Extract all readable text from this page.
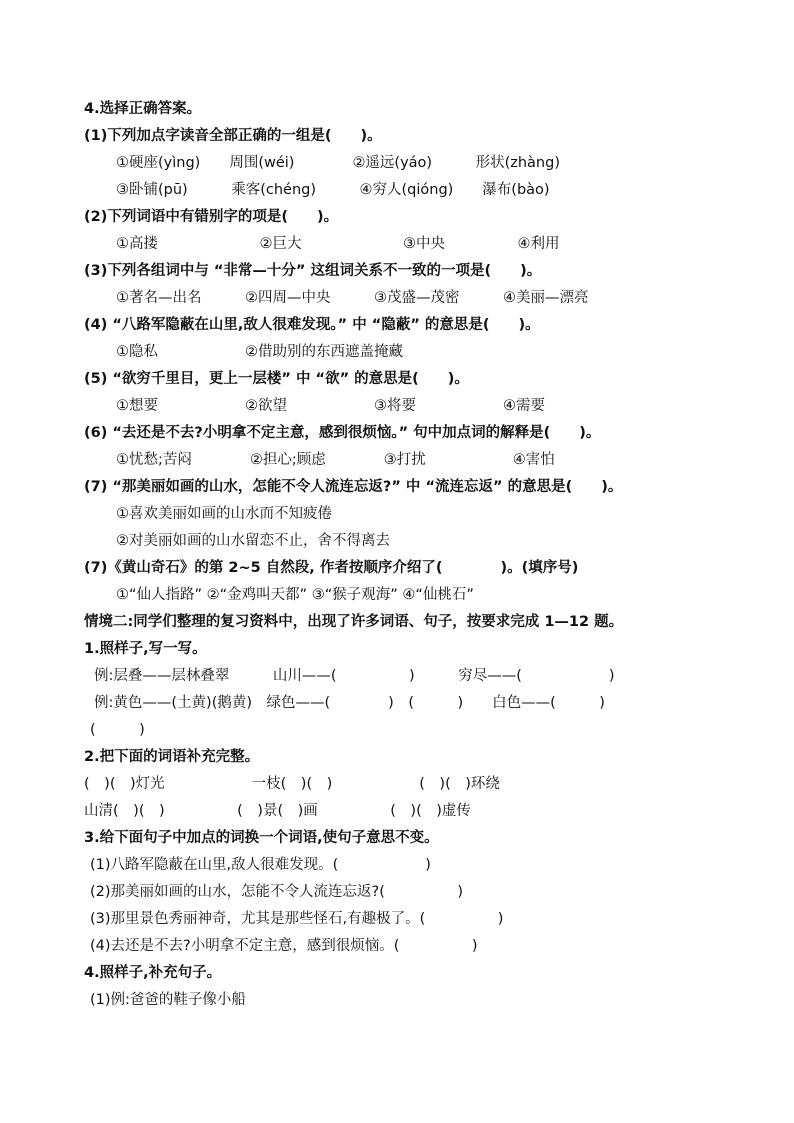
4.选择正确答案。
(1)下列加点字读音全部正确的一组是(　　)。
①硬座(yìng)　　周围(wéi)　　　　②遥远(yáo)　　　形状(zhàng)
③卧铺(pū)　　　乘客(chéng)　　　④穷人(qióng)　　瀑布(bào)
(2)下列词语中有错别字的项是(　　)。
①高搂　　　　　　　②巨大　　　　　　　③中央　　　　　④利用
(3)下列各组词中与 “非常—十分” 这组词关系不一致的一项是(　　)。
①著名—出名　　　②四周—中央　　　③茂盛—茂密　　　④美丽—漂亮
(4) “八路军隐蔽在山里,敌人很难发现。” 中 “隐蔽” 的意思是(　　)。
①隐私　　　　　　②借助别的东西遮盖掩藏
(5) “欲穷千里目，更上一层楼” 中 “欲” 的意思是(　　)。
①想要　　　　　　②欲望　　　　　　③将要　　　　　　④需要
(6) “去还是不去?小明拿不定主意，感到很烦恼。” 句中加点词的解释是(　　)。
①忧愁;苦闷　　　　②担心;顾虑　　　　③打扰　　　　　　④害怕
(7) “那美丽如画的山水，怎能不令人流连忘返?” 中 “流连忘返” 的意思是(　　)。
①喜欢美丽如画的山水而不知疲倦
②对美丽如画的山水留恋不止，舍不得离去
(7)《黄山奇石》的第 2~5 自然段, 作者按顺序介绍了(　　　　)。(填序号)
①“仙人指路” ②“金鸡叫天都” ③“猴子观海” ④“仙桃石”
情境二:同学们整理的复习资料中，出现了许多词语、句子，按要求完成 1—12 题。
1.照样子,写一写。
例:层叠——层林叠翠　　　山川——(　　　　　)　　　穷尽——(　　　　　　)
例:黄色——(土黄)(鹅黄)　绿色——(　　　　)　(　　　)　　白色——(　　　)
(　　　)
2.把下面的词语补充完整。
(　)(　)灯光　　　　　　一枝(　)(　)　　　　　　(　)(　)环绕
山清(　)(　)　　　　　(　)景(　)画　　　　　(　)(　)虚传
3.给下面句子中加点的词换一个词语,使句子意思不变。
(1)八路军隐蔽在山里,敌人很难发现。(　　　　　　)
(2)那美丽如画的山水，怎能不令人流连忘返?(　　　　　)
(3)那里景色秀丽神奇，尤其是那些怪石,有趣极了。(　　　　　)
(4)去还是不去?小明拿不定主意，感到很烦恼。(　　　　　)
4.照样子,补充句子。
(1)例:爸爸的鞋子像小船
